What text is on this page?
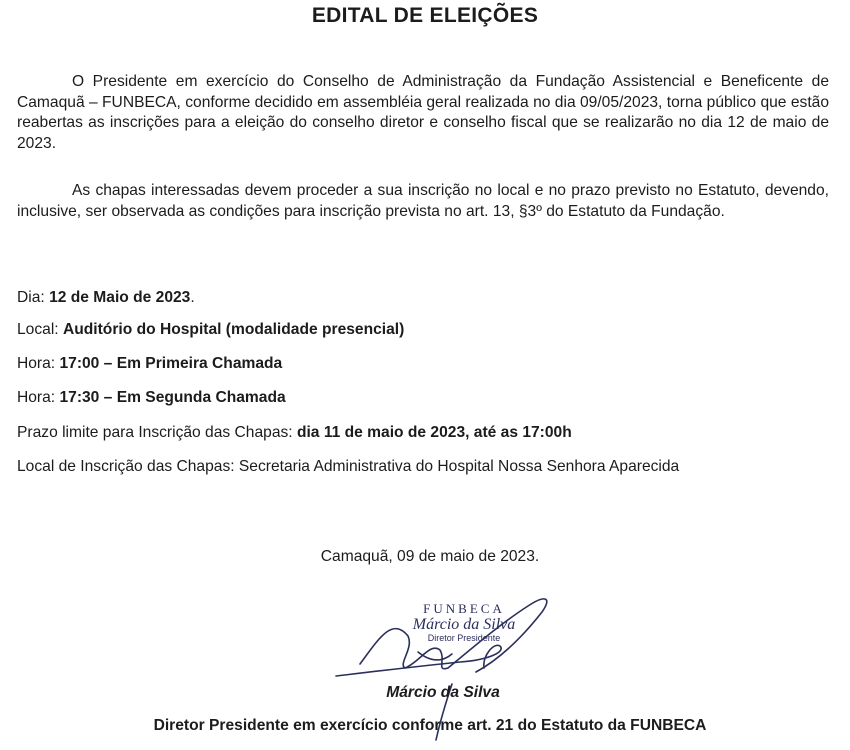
EDITAL DE ELEIÇÕES

O Presidente em exercício do Conselho de Administração da Fundação Assistencial e Beneficente de Camaquã – FUNBECA, conforme decidido em assembléia geral realizada no dia 09/05/2023, torna público que estão reabertas as inscrições para a eleição do conselho diretor e conselho fiscal que se realizarão no dia 12 de maio de 2023.

As chapas interessadas devem proceder a sua inscrição no local e no prazo previsto no Estatuto, devendo, inclusive, ser observada as condições para inscrição prevista no art. 13, §3º do Estatuto da Fundação.

Dia: 12 de Maio de 2023.
Local: Auditório do Hospital (modalidade presencial)
Hora: 17:00 – Em Primeira Chamada
Hora: 17:30 – Em Segunda Chamada
Prazo limite para Inscrição das Chapas: dia 11 de maio de 2023, até as 17:00h
Local de Inscrição das Chapas: Secretaria Administrativa do Hospital Nossa Senhora Aparecida
Camaquã, 09 de maio de 2023.
FUNBECA
Márcio da Silva
Diretor Presidente
Márcio da Silva
Diretor Presidente em exercício conforme art. 21 do Estatuto da FUNBECA
